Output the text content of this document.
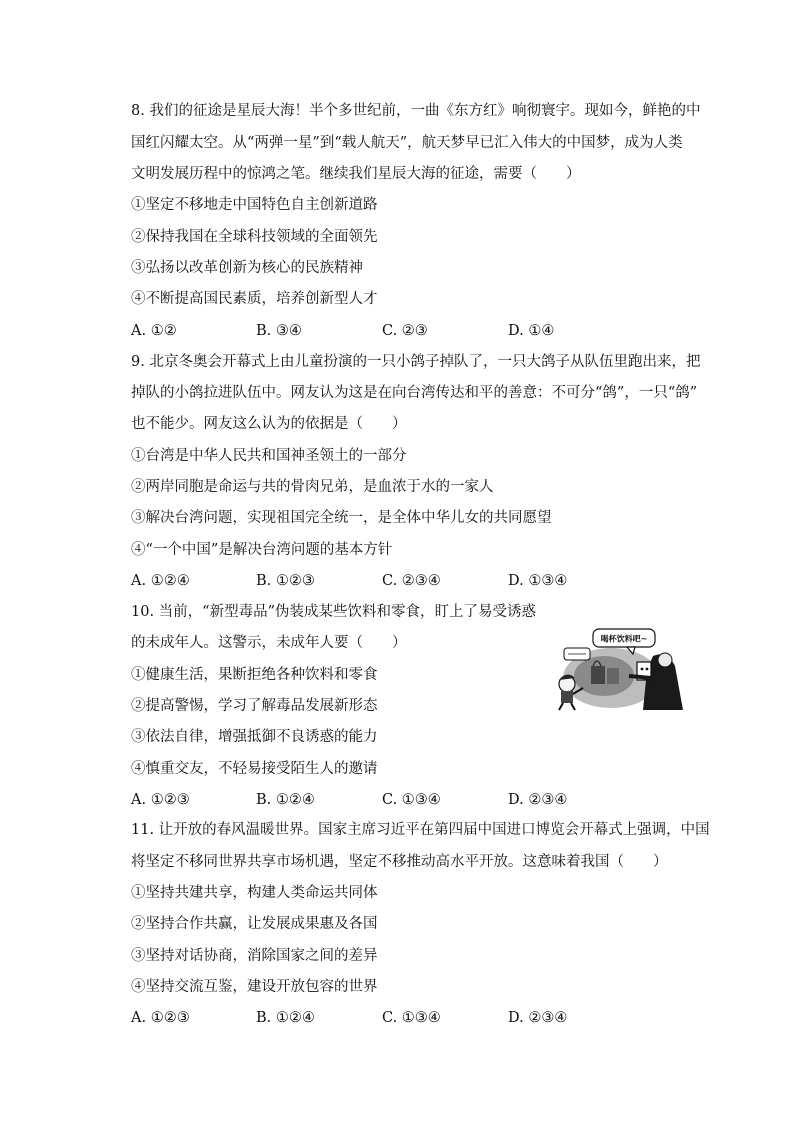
8. 我们的征途是星辰大海！半个多世纪前，一曲《东方红》响彻寰宇。现如今，鲜艳的中
国红闪耀太空。从“两弹一星”到“载人航天”，航天梦早已汇入伟大的中国梦，成为人类
文明发展历程中的惊鸿之笔。继续我们星辰大海的征途，需要（　　）
①坚定不移地走中国特色自主创新道路
②保持我国在全球科技领域的全面领先
③弘扬以改革创新为核心的民族精神
④不断提高国民素质，培养创新型人才
A. ①②	B. ③④	C. ②③	D. ①④
9. 北京冬奥会开幕式上由儿童扮演的一只小鸽子掉队了，一只大鸽子从队伍里跑出来，把
掉队的小鸽拉进队伍中。网友认为这是在向台湾传达和平的善意：不可分“鸽”，一只“鸽”
也不能少。网友这么认为的依据是（　　）
①台湾是中华人民共和国神圣领土的一部分
②两岸同胞是命运与共的骨肉兄弟，是血浓于水的一家人
③解决台湾问题，实现祖国完全统一，是全体中华儿女的共同愿望
④“一个中国”是解决台湾问题的基本方针
A. ①②④	B. ①②③	C. ②③④	D. ①③④
10. 当前，“新型毒品”伪装成某些饮料和零食，盯上了易受诱惑
的未成年人。这警示，未成年人要（　　）
①健康生活，果断拒绝各种饮料和零食
②提高警惕，学习了解毒品发展新形态
③依法自律，增强抵御不良诱惑的能力
④慎重交友，不轻易接受陌生人的邀请
A. ①②③	B. ①②④	C. ①③④	D. ②③④
喝杯饮料吧~
11. 让开放的春风温暖世界。国家主席习近平在第四届中国进口博览会开幕式上强调，中国
将坚定不移同世界共享市场机遇，坚定不移推动高水平开放。这意味着我国（　　）
①坚持共建共享，构建人类命运共同体
②坚持合作共赢，让发展成果惠及各国
③坚持对话协商，消除国家之间的差异
④坚持交流互鉴，建设开放包容的世界
A. ①②③	B. ①②④	C. ①③④	D. ②③④
